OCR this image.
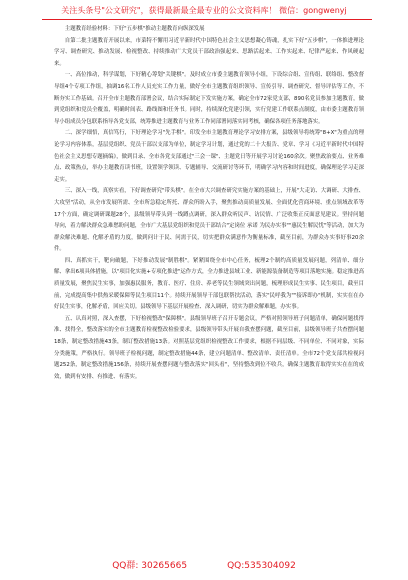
关注头条号"公文研究"，获得最新最全最专业的公文资料库！ 微信：gongwenyj

主题教育经验材料：下好"五步棋"推动主题教育向纵深发展

自第二批主题教育开展以来，市菜特不懈用习近平新时代中国特色社会主义思想凝心铸魂，扎实下好"五步棋"，一体推进理论学习、调查研究、推动发展、检视整改、持续推动广大党员干部政治强起来、思路活起来、工作实起来、纪律严起来、作风硬起来。

一、高位推动，科学谋划，下好精心筹划"关键棋"。及时成立市委主题教育领导小组，下设综合组、宣传组、联络组、整改督导组4个专项工作组，抽调16名工作人员充实工作力量，做好全市主题教育组织领导、宣传引导、调查研究、督导评估等工作，不断夯实工作基础。召开全市主题教育部署会议，结合实际制定下发实施方案，确定全市72家党支部，890名党员参加主题教育，做到党组织和党员全覆盖，明确时间表、路线图和任务书。同时，持续深化党建引领，实行党建工作联系点制度，由市委主题教育领导小组成员分包联系指导各党支部，统筹推进主题教育与业务工作同部署同落实同考核，确保各项任务落地落实。

二、深学细悟，真信笃行，下好理论学习"先手棋"。印发全市主题教育理论学习安排方案，县级领导将统筹"8+X"为重点的理论学习内容体系，基层党组织、党员干部以支部为单位，制定学习计划，通过党的二十大报告、党章、学习《习近平新时代中国特色社会主义思想专题摘编》，做到目录、全市各党支部通过"三会一课"、主题党日等开展学习讨论160余次。聚焦政治要点、业务难点、政策热点，举办主题教育读书班，设置领学领读、专题辅导、交流研讨等环节，明确学习内容和时间进度，确保理论学习走深走实。

三、深入一线，真察实看，下好调查研究"带头棋"。在全市大兴调查研究实施方案的基础上，开展"大走访、大调研、大排查、大攻坚"活动，从全市发展所需、全市所急稳定所托、群众所盼入手，聚焦推动高质量发展、全面优化营商环境、重点领域改革等17个方面，确定调研课题28个，县级领导带头到一线蹲点调研，深入群众听民声、访民情、广泛收集正反面意见建议。坚持问题导向，着力解决群众急难愁盼问题，全市广大基层党组织和党员干部结合"定岗位 承诺 为民办实事""惠民生解民忧"等活动，加大为群众解决难题、化解矛盾的力度，做到问计于民、问需于民，切实把群众满意作为衡量标准，截至目前，为群众办实事好事20余件。

四、真抓实干，靶向破题，下好推动发展"制胜棋"。紧紧围绕全市中心任务，梳理2个制约高质量发展问题，列清单、细分解、拿出6项具体措施，以"项目化实施+专项化推进"运作方式，全力推进县域工业、新能源装备制造等项目落地实施。稳定推进高质量发展，聚焦民生实事，加强惠民服务，教育、医疗、住房、养老等民生领域突出问题，梳理形成民生实事、民生项目，截至目前，完成提高集中供热采暖保障等民生项目11个。持续开展领导干部包联帮扶活动，落实"民呼我为""接诉即办"机制，实实在在办好民生实事，化解矛盾，回应关切。县级领导下基层开展检查、深入调研，切实为群众解难题，办实事。

五、认真对照，深入查摆，下好检视整改"保障棋"。县级领导班子召开专题会议，严格对照领导班子问题清单，确保问题找得准、找得全，整改落实的全市主题教育检视整改检验要求，县级领导带头开展自我查摆问题，截至目前，县级领导班子共查摆问题18条，制定整改措施43条，制订整改措施13条。对照基层党组织检视整改工作要求，根据不同层级、不同单位、不同对象，实际分类施策，严格执行。领导班子检视问题，制定整改措施44条，建立问题清单、整改清单、责任清单。全市72个党支部共检视问题252条，制定整改措施156条，持续开展查摆问题与整改落实"回头看"，坚持整改到位不收兵，确保主题教育取得实实在在的成效，做到有安排、有推进、有落实。

QQ群: 30265665	QQ:535304092
